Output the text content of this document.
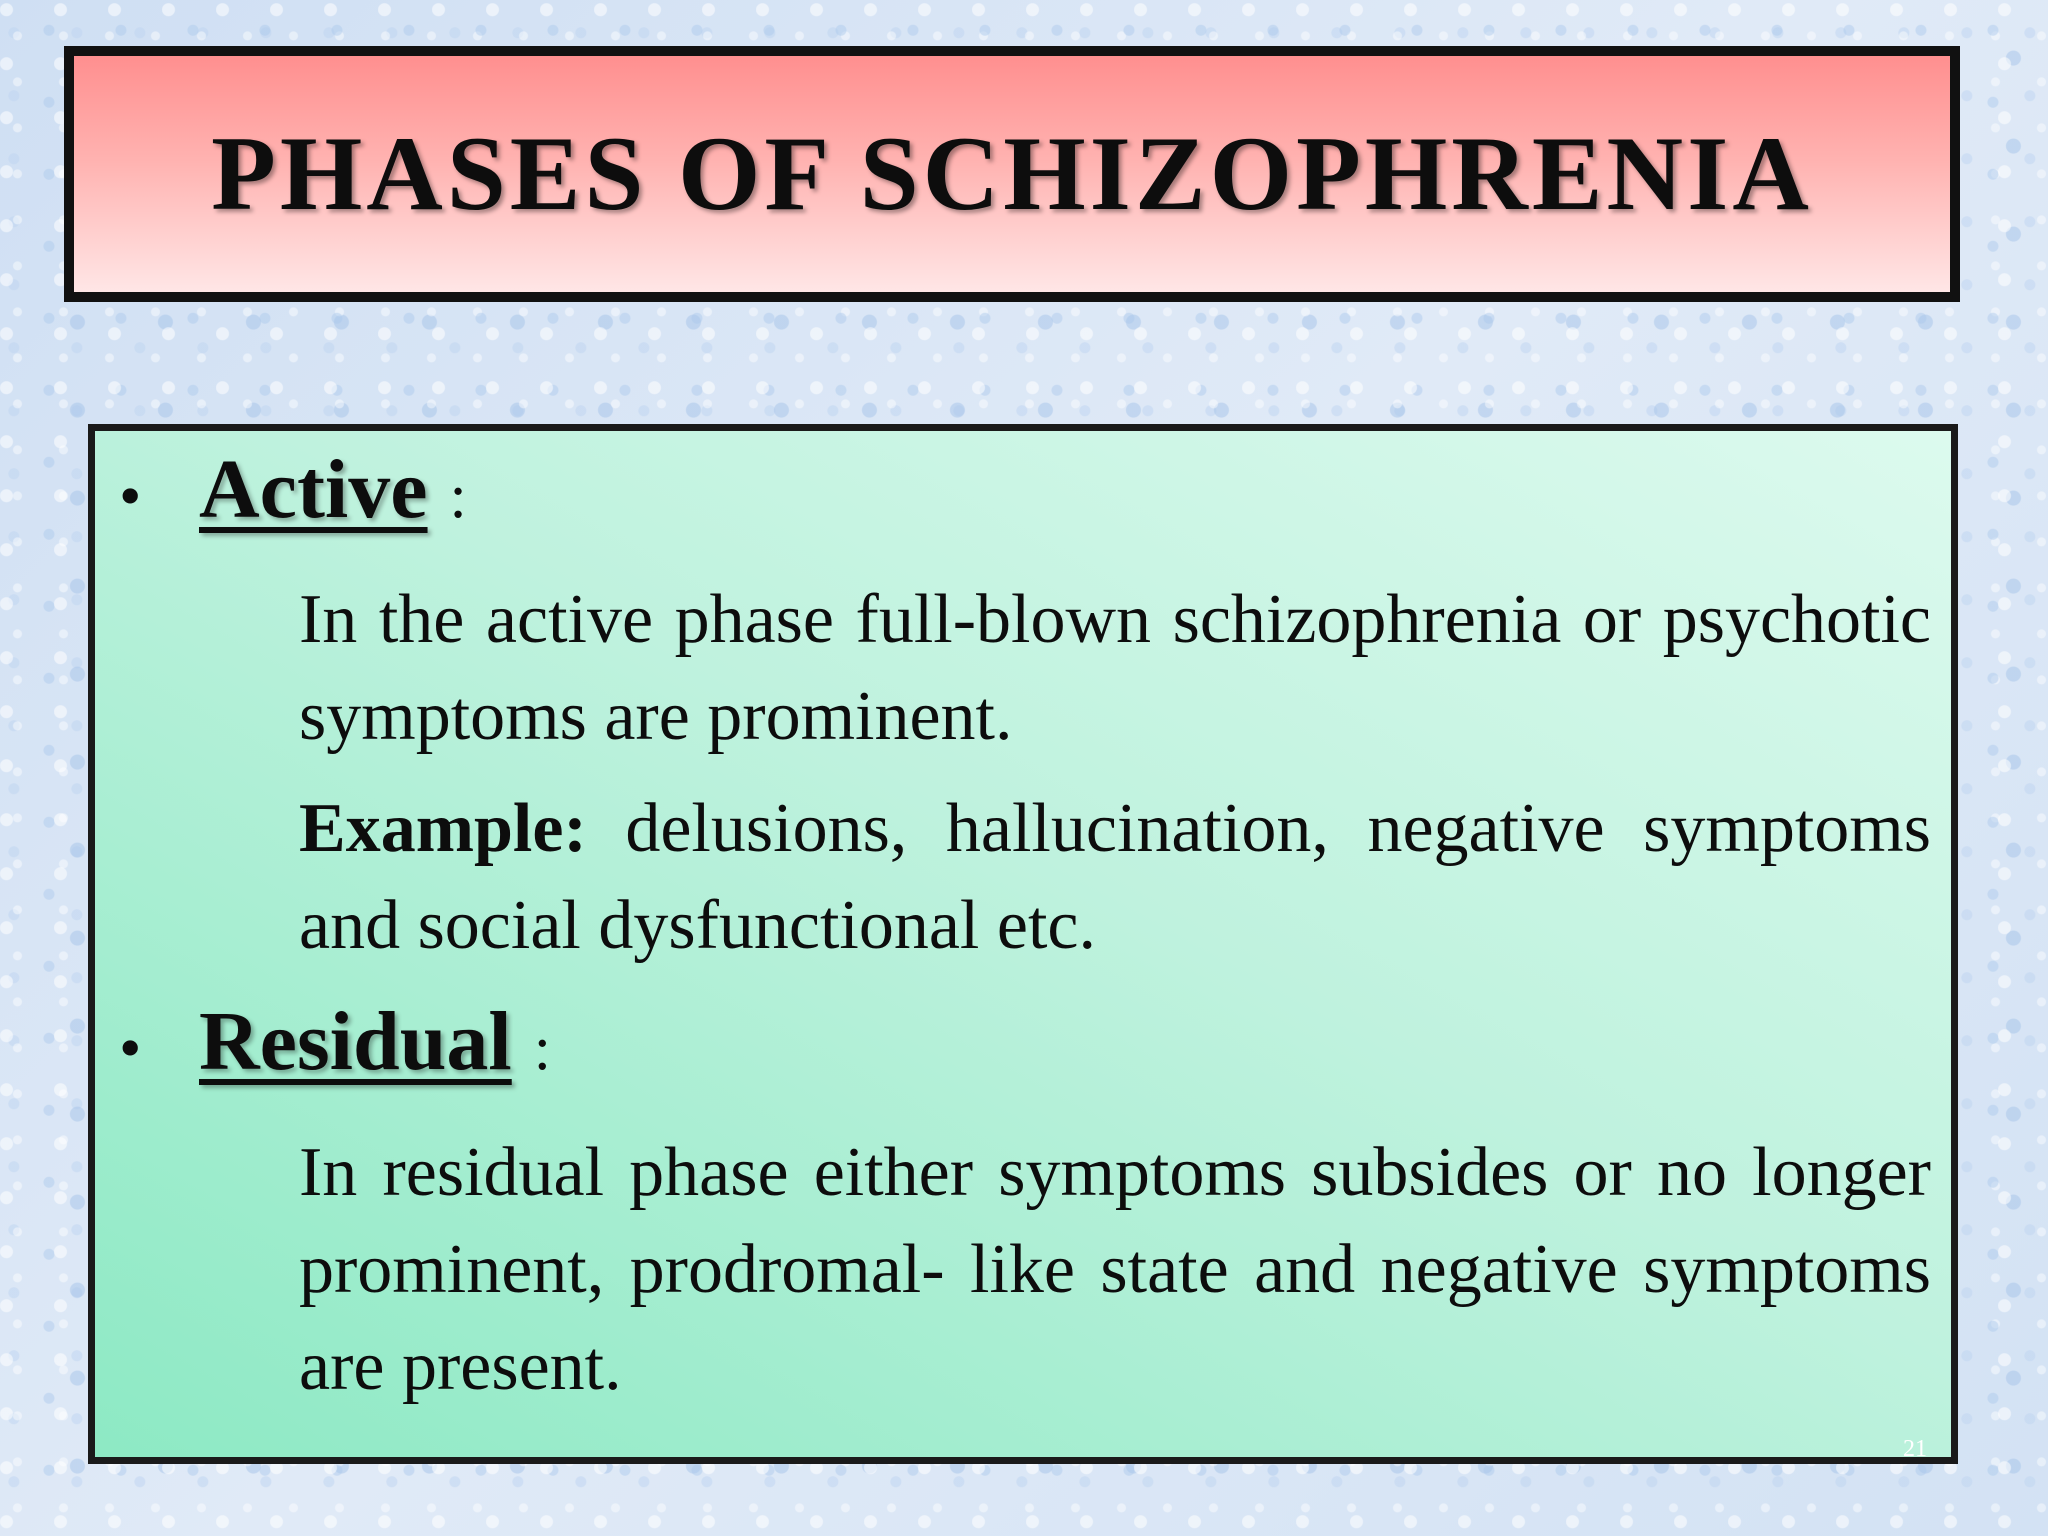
PHASES OF SCHIZOPHRENIA
• Active :

In the active phase full-blown schizophrenia or psychotic symptoms are prominent.

Example: delusions, hallucination, negative symptoms and social dysfunctional etc.

• Residual :

In residual phase either symptoms subsides or no longer prominent, prodromal- like state and negative symptoms are present.

21
